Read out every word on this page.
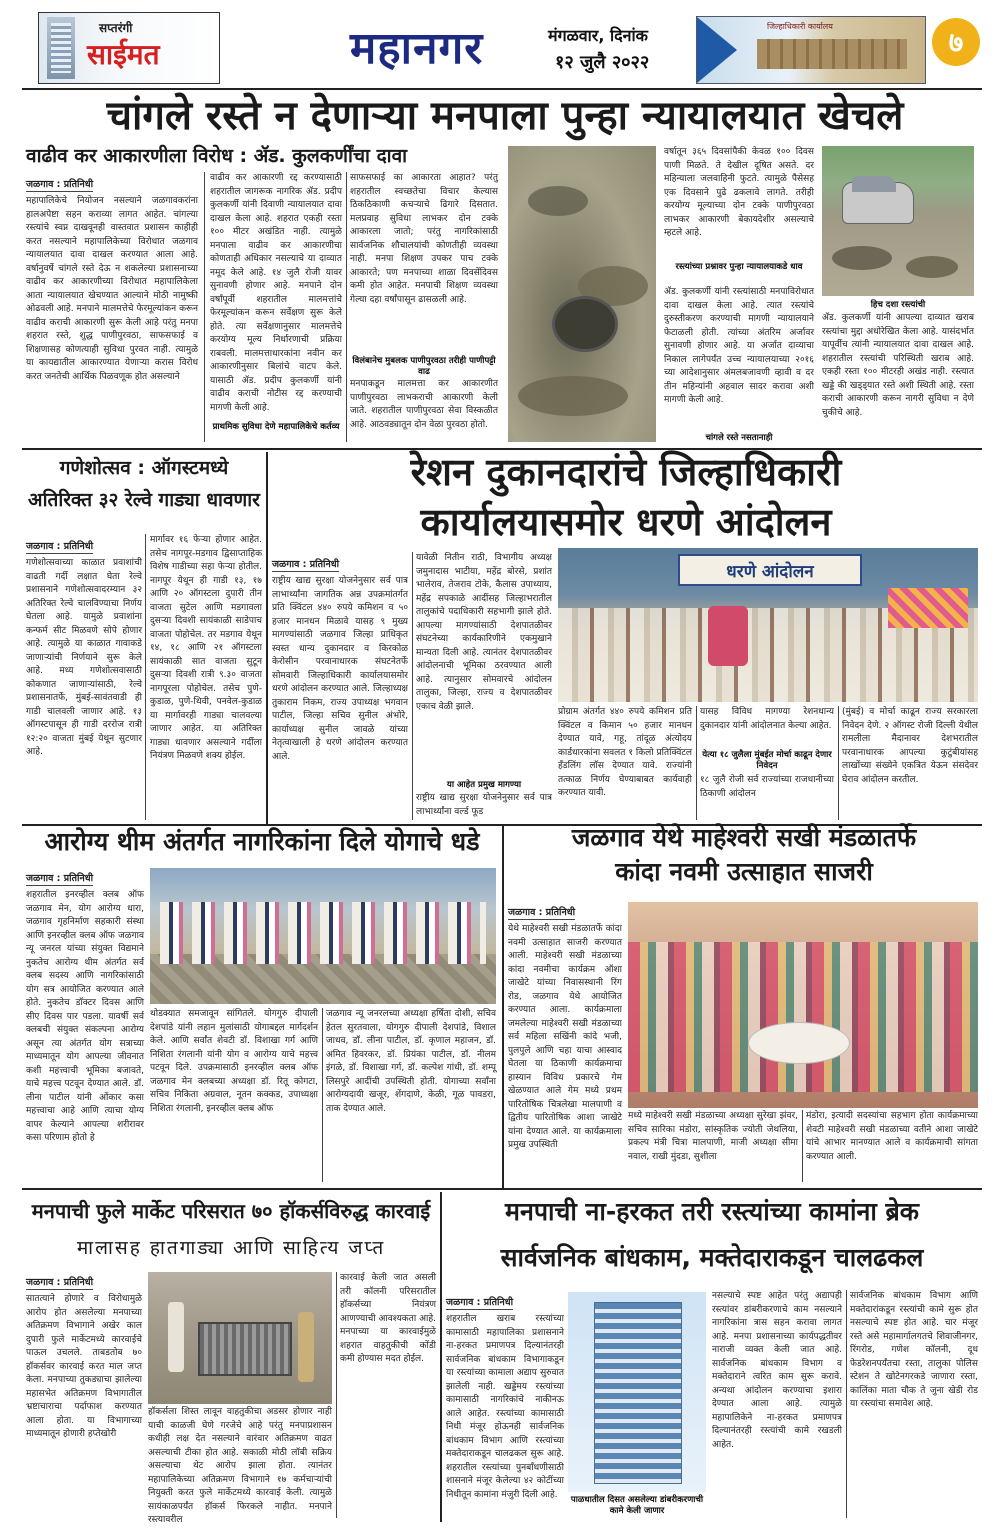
सप्तरंगी
साईमत	महानगर	मंगळवार, दिनांक
१२ जुलै २०२२
जिल्हाधिकारी कार्यालय	७
चांगले रस्ते न देणाऱ्या मनपाला पुन्हा न्यायालयात खेचले
वाढीव कर आकारणीला विरोध : ॲड. कुलकर्णींचा दावा
जळगाव : प्रतिनिधी
महापालिकेचे नियोजन नसल्याने जळगावकरांना हालअपेष्टा सहन कराव्या लागत आहेत. चांगल्या रस्त्यांचे स्वप्न दाखवूनही वास्तवात प्रशासन काहीही करत नसल्याने महापालिकेच्या विरोधात जळगाव न्यायालयात दावा दाखल करण्यात आला आहे. वर्षानुवर्षे चांगले रस्ते देऊ न शकलेल्या प्रशासनाच्या वाढीव कर आकारणीच्या विरोधात महापालिकेला आता न्यायालयात खेचण्यात आल्याने मोठी नामुष्की ओढवली आहे. मनपाने मालमत्तेचे फेरमूल्यांकन करून वाढीव कराची आकारणी सुरू केली आहे परंतु मनपा शहरात रस्ते, शुद्ध पाणीपुरवठा, साफसफाई व शिक्षणासह कोणत्याही सुविधा पुरवत नाही. त्यामुळे या कायद्यातील आकारण्यात येणाऱ्या करास विरोध करत जनतेची आर्थिक पिळवणूक होत असल्याने
वाढीव कर आकारणी रद्द करण्यासाठी शहरातील जागरूक नागरिक ॲड. प्रदीप कुलकर्णी यांनी दिवाणी न्यायालयात दावा दाखल केला आहे. शहरात एकही रस्ता १०० मीटर अखंडित नाही. त्यामुळे मनपाला वाढीव कर आकारणीचा कोणताही अधिकार नसल्याचे या दाव्यात नमूद केले आहे. १४ जुलै रोजी यावर सुनावणी होणार आहे. मनपाने दोन वर्षांपूर्वी शहरातील मालमत्तांचे फेरमूल्यांकन करून सर्वेक्षण सुरू केले होते. त्या सर्वेक्षणानुसार मालमत्तेचे करयोग्य मूल्य निर्धारणाची प्रक्रिया राबवली. मालमत्ताधारकांना नवीन कर आकारणीनुसार बिलांचे वाटप केले. यासाठी ॲड. प्रदीप कुलकर्णी यांनी वाढीव कराची नोटीस रद्द करण्याची मागणी केली आहे.
प्राथमिक सुविधा देणे महापालिकेचे कर्तव्य
साफसफाई का आकारता आहात? परंतु शहरातील स्वच्छतेचा विचार केल्यास ठिकठिकाणी कचऱ्याचे ढिगारे दिसतात. मलप्रवाह सुविधा लाभकर दोन टक्के आकारला जातो; परंतु नागरिकांसाठी सार्वजनिक शौचालयांची कोणतीही व्यवस्था नाही. मनपा शिक्षण उपकर पाच टक्के आकारते; पण मनपाच्या शाळा दिवसेंदिवस कमी होत आहेत. मनपाची शिक्षण व्यवस्था गेल्या दहा वर्षांपासून ढासळली आहे.
विलंबानेच मुबलक पाणीपुरवठा तरीही पाणीपट्टी वाढ
मनपाकडून मालमत्ता कर आकारणीत पाणीपुरवठा लाभकराची आकारणी केली जाते. शहरातील पाणीपुरवठा सेवा विस्कळीत आहे. आठवड्यातून दोन वेळा पुरवठा होतो.
वर्षातून ३६५ दिवसांपैकी केवळ १०० दिवस पाणी मिळते. ते देखील दूषित असते. दर महिन्याला जलवाहिनी फुटते. त्यामुळे पैसेसह एक दिवसाने पुढे ढकलावे लागते. तरीही करयोग्य मूल्याच्या दोन टक्के पाणीपुरवठा लाभकर आकारणी बेकायदेशीर असल्याचे म्हटले आहे.
रस्त्यांच्या प्रश्नावर पुन्हा न्यायालयाकडे धाव
ॲड. कुलकर्णी यांनी रस्त्यांसाठी मनपाविरोधात दावा दाखल केला आहे. त्यात रस्त्यांचे दुरुस्तीकरण करण्याची मागणी न्यायालयाने फेटाळली होती. त्यांच्या अंतरिम अर्जावर सुनावणी होणार आहे. या अर्जात दाव्याचा निकाल लागेपर्यंत उच्च न्यायालयाच्या २०१६ च्या आदेशानुसार अंमलबजावणी व्हावी व दर तीन महिन्यांनी अहवाल सादर करावा अशी मागणी केली आहे.
चांगले रस्ते नसतानाही
हिच दशा रस्त्यांची
ॲड. कुलकर्णी यांनी आपल्या दाव्यात खराब रस्त्यांचा मुद्दा अधोरेखित केला आहे. यासंदर्भात यापूर्वीच त्यांनी न्यायालयात दावा दाखल आहे. शहरातील रस्त्यांची परिस्थिती खराब आहे. एकही रस्ता १०० मीटरही अखंड नाही. रस्त्यात खड्डे की खड्ड्यात रस्ते अशी स्थिती आहे. रस्ता कराची आकारणी करून नागरी सुविधा न देणे चुकीचे आहे.
गणेशोत्सव : ऑगस्टमध्ये
अतिरिक्त ३२ रेल्वे गाड्या धावणार
जळगाव : प्रतिनिधी
गणेशोत्सवाच्या काळात प्रवाशांची वाढती गर्दी लक्षात घेता रेल्वे प्रशासनाने गणेशोत्सवादरम्यान ३२ अतिरिक्त रेल्वे चालविण्याचा निर्णय घेतला आहे. यामुळे प्रवाशांना कन्फर्म सीट मिळवणे सोपे होणार आहे. त्यामुळे या काळात गावाकडे जाणाऱ्यांची निर्णयाने सुरू केले आहे. मध्य गणेशोत्सवासाठी कोकणात जाणाऱ्यांसाठी, रेल्वे प्रशासनातर्फे, मुंबई-सावंतवाडी ही गाडी चालवली जाणार आहे. १३ ऑगस्टपासून ही गाडी दररोज रात्री १२:२० वाजता मुंबई येथून सुटणार आहे.
मार्गावर १६ फेऱ्या होणार आहेत. तसेच नागपूर-मडगाव द्विसाप्ताहिक विशेष गाडीच्या सहा फेऱ्या होतील. नागपूर येथून ही गाडी १३, १७ आणि २० ऑगस्टला दुपारी तीन वाजता सुटेल आणि मडगावला दुसऱ्या दिवशी सायंकाळी साडेपाच वाजता पोहोचेल. तर मडगाव येथून १४, १८ आणि २१ ऑगस्टला सायंकाळी सात वाजता सुटून दुसऱ्या दिवशी रात्री ९.३० वाजता नागपूरला पोहोचेल. तसेच पुणे-कुडाळ, पुणे-थिवी, पनवेल-कुडाळ या मार्गावरही गाड्या चालवल्या जाणार आहेत. या अतिरिक्त गाड्या धावणार असल्याने गर्दीला नियंत्रण मिळवणे शक्य होईल.
रेशन दुकानदारांचे जिल्हाधिकारी
कार्यालयासमोर धरणे आंदोलन
जळगाव : प्रतिनिधी
राष्ट्रीय खाद्य सुरक्षा योजनेनुसार सर्व पात्र लाभार्थ्यांना जागतिक अन्न उपक्रमांतर्गत प्रति क्विंटल ४४० रुपये कमिशन व ५० हजार मानधन मिळावे यासह ९ मुख्य मागण्यांसाठी जळगाव जिल्हा प्राधिकृत स्वस्त धान्य दुकानदार व किरकोळ केरोसीन परवानाधारक संघटनेतर्फे सोमवारी जिल्हाधिकारी कार्यालयासमोर धरणे आंदोलन करण्यात आले. जिल्हाध्यक्ष तुकाराम निकम, राज्य उपाध्यक्ष भगवान पाटील, जिल्हा सचिव सुनील अंभोरे, कार्याध्यक्ष सुनील जावळे यांच्या नेतृत्वाखाली हे धरणे आंदोलन करण्यात आले.
यावेळी नितीन राठी, विभागीय अध्यक्ष जमुनादास भाटीया, महेंद्र बोरसे, प्रशांत भालेराव, तेजराव टोके, कैलास उपाध्याय, महेंद्र सपकाळे आदींसह जिल्हाभरातील तालुकांचे पदाधिकारी सहभागी झाले होते. आपल्या मागण्यांसाठी देशपातळीवर संघटनेच्या कार्यकारिणीने एकमुखाने मान्यता दिली आहे. त्यानंतर देशपातळीवर आंदोलनाची भूमिका ठरवण्यात आली आहे. त्यानुसार सोमवारचे आंदोलन तालुका, जिल्हा, राज्य व देशपातळीवर एकाच वेळी झाले.
या आहेत प्रमुख मागण्या
राष्ट्रीय खाद्य सुरक्षा योजनेनुसार सर्व पात्र लाभार्थ्यांना वर्ल्ड फूड
धरणे आंदोलन
प्रोग्राम अंतर्गत ४४० रुपये कमिशन प्रति क्विंटल व किमान ५० हजार मानधन देण्यात यावे, गहू, तांदूळ अंत्योदय कार्डधारकांना सवलत १ किलो प्रतिक्विंटल हँडलिंग लॉस देण्यात यावे. राज्यांनी तत्काळ निर्णय घेण्याबाबत कार्यवाही करण्यात यावी.
यासह विविध मागण्या रेशनधान्य दुकानदार यांनी आंदोलनात केल्या आहेत.
येत्या १८ जुलैला मुंबईत मोर्चा काढून देणार निवेदन
१८ जुलै रोजी सर्व राज्यांच्या राजधानीच्या ठिकाणी आंदोलन
(मुंबई) व मोर्चा काढून राज्य सरकारला निवेदन देणे. २ ऑगस्ट रोजी दिल्ली येथील रामलीला मैदानावर देशभरातील परवानाधारक आपल्या कुटुंबीयांसह लाखोंच्या संख्येने एकत्रित येऊन संसदेवर घेराव आंदोलन करतील.
आरोग्य थीम अंतर्गत नागरिकांना दिले योगाचे धडे
जळगाव : प्रतिनिधी
शहरातील इनरव्हील क्लब ऑफ जळगाव मेन, योग आरोग्य धारा, जळगाव गृहनिर्माण सहकारी संस्था आणि इनरव्हील क्लब ऑफ जळगाव न्यू जनरल यांच्या संयुक्त विद्यमाने नुकतेच आरोग्य थीम अंतर्गत सर्व क्लब सदस्य आणि नागरिकांसाठी योग सत्र आयोजित करण्यात आले होते. नुकतेच डॉक्टर दिवस आणि सीए दिवस पार पडला. यावर्षी सर्व क्लबची संयुक्त संकल्पना आरोग्य असून त्या अंतर्गत योग सत्राच्या माध्यमातून योग आपल्या जीवनात कशी महत्त्वाची भूमिका बजावते, याचे महत्त्व पटवून देण्यात आले. डॉ. लीना पाटील यांनी ओंकार कसा महत्त्वाचा आहे आणि त्याचा योग्य वापर केल्याने आपल्या शरीरावर कसा परिणाम होतो हे
थोडक्यात समजावून सांगितले. योगगुरु दीपाली देशपांडे यांनी लहान मुलांसाठी योगाबद्दल मार्गदर्शन केले. आणि सर्वांत शेवटी डॉ. विशाखा गर्ग आणि निशिता रंगलानी यांनी योग व आरोग्य याचे महत्त्व पटवून दिले. उपक्रमासाठी इनरव्हील क्लब ऑफ जळगाव मेन क्लबच्या अध्यक्षा डॉ. रितू कोगटा, सचिव निकिता अग्रवाल, नूतन कक्कड, उपाध्यक्षा निशिता रंगलानी, इनरव्हील क्लब ऑफ
जळगाव न्यू जनरलच्या अध्यक्षा हर्षिता दोशी, सचिव हेतल सुरतवाला, योगगुरु दीपाली देशपांडे, विशाल जाधव, डॉ. लीना पाटील, डॉ. कृणाल महाजन, डॉ. अमित हिवरकर, डॉ. प्रियंका पाटील, डॉ. नीलम इंगळे, डॉ. विशाखा गर्ग, डॉ. कल्पेश गांधी, डॉ. शम्पू लिसपुरे आदींची उपस्थिती होती. योगाच्या सर्वांना आरोग्यदायी खजूर, शेंगदाणे, केळी, गूळ पावडरा, ताक देण्यात आले.
जळगाव येथे माहेश्वरी सखी मंडळातर्फे
कांदा नवमी उत्साहात साजरी
जळगाव : प्रतिनिधी
येथे माहेश्वरी सखी मंडळातर्फे कांदा नवमी उत्साहात साजरी करण्यात आली. माहेश्वरी सखी मंडळाच्या कांदा नवमीचा कार्यक्रम ऑशा जाखेटे यांच्या निवासस्थानी रिंग रोड, जळगाव येथे आयोजित करण्यात आला. कार्यक्रमाला जमलेल्या माहेश्वरी सखी मंडळाच्या सर्व महिला सखिंनी कांदे भजी, पुलपुले आणि चहा याचा आस्वाद घेतला या ठिकाणी कार्यक्रमाचा हास्यान विविध प्रकारचे गेम खेळण्यात आले गेम मध्ये प्रथम पारितोषिक चित्रलेखा मालपाणी व द्वितीय पारितोषिक आशा जाखेटे यांना देण्यात आले. या कार्यक्रमाला प्रमुख उपस्थिती
मध्ये माहेश्वरी सखी मंडळाच्या अध्यक्षा सुरेखा झंवर, सचिव सारिका मंडोरा, सांस्कृतिक ज्योती जेथलिया, प्रकल्प मंत्री चित्रा मालपाणी, माजी अध्यक्षा सीमा नवाल, राखी मुंदडा, सुशीला
मंडोरा, इत्यादी सदस्यांचा सहभाग होता कार्यक्रमाच्या शेवटी माहेश्वरी सखी मंडळाच्या वतीने आशा जाखेटे यांचे आभार मानण्यात आले व कार्यक्रमाची सांगता करण्यात आली.
मनपाची फुले मार्केट परिसरात ७० हॉकर्सविरुद्ध कारवाई
मालासह हातगाड्या आणि साहित्य जप्त
जळगाव : प्रतिनिधी
सातत्याने होणारे व विरोधामुळे आरोप होत असलेल्या मनपाच्या अतिक्रमण विभागाने अखेर काल दुपारी फुले मार्केटमध्ये कारवाईचे पाऊल उचलले. ताबडतोब ७० हॉकर्सवर कारवाई करत माल जप्त केला. मनपाच्या तुकड्याचा झालेल्या महासभेत अतिक्रमण विभागातील भ्रष्टाचाराचा पर्दाफाश करण्यात आला होता. या विभागाच्या माध्यमातून होणारी हप्तेखोरी
हॉकर्सला शिस्त लावून वाहतुकीचा अडसर होणार नाही याची काळजी घेणे गरजेचे आहे परंतु मनपाप्रशासन कधीही लक्ष देत नसल्याने वारंवार अतिक्रमण वाढत असल्याची टीका होत आहे. सकाळी मोठी लॉबी सक्रिय असल्याचा थेट आरोप झाला होता. त्यानंतर महापालिकेच्या अतिक्रमण विभागाने १७ कर्मचाऱ्यांची नियुक्ती करत फुले मार्केटमध्ये कारवाई केली. त्यामुळे सायंकाळपर्यंत हॉकर्स फिरकले नाहीत. मनपाने रस्त्यावरील
कारवाई केली जात असली तरी कॉलनी परिसरातील हॉकर्सच्या नियंत्रण आणण्याची आवश्यकता आहे. मनपाच्या या कारवाईमुळे शहरात वाहतुकीची कोंडी कमी होण्यास मदत होईल.
मनपाची ना-हरकत तरी रस्त्यांच्या कामांना ब्रेक
सार्वजनिक बांधकाम, मक्तेदाराकडून चालढकल
जळगाव : प्रतिनिधी
शहरातील खराब रस्त्यांच्या कामासाठी महापालिका प्रशासनाने ना-हरकत प्रमाणपत्र दिल्यानंतरही सार्वजनिक बांधकाम विभागाकडून या रस्त्यांच्या कामाला अद्याप सुरुवात झालेली नाही. खड्डेमय रस्त्यांच्या कामासाठी नागरिकांचे नाकीनऊ आले आहेत. रस्त्यांच्या कामासाठी निधी मंजूर होऊनही सार्वजनिक बांधकाम विभाग आणि रस्त्यांच्या मक्तेदाराकडून चालढकल सुरू आहे. शहरातील रस्त्यांच्या पुनर्बांधणीसाठी शासनाने मंजूर केलेल्या ४२ कोटींच्या निधीतून कामांना मंजुरी दिली आहे.
पाळधातील दिसत असलेल्या डांबरीकरणाची कामे केली जाणार
नसल्याचे स्पष्ट आहेत परंतु अद्यापही रस्त्यांवर डांबरीकरणाचे काम नसल्याने नागरिकांना त्रास सहन करावा लागत आहे. मनपा प्रशासनाच्या कार्यपद्धतीवर नाराजी व्यक्त केली जात आहे. सार्वजनिक बांधकाम विभाग व मक्तेदाराने त्वरित काम सुरू करावे. अन्यथा आंदोलन करण्याचा इशारा देण्यात आला आहे. त्यामुळे महापालिकेने ना-हरकत प्रमाणपत्र दिल्यानंतरही रस्त्यांची कामे रखडली आहेत.
सार्वजनिक बांधकाम विभाग आणि मक्तेदारांकडून रस्त्यांची कामे सुरू होत नसल्याचे स्पष्ट होत आहे. चार मंजूर रस्ते असे महामार्गालगतचे शिवाजीनगर, रिंगरोड, गणेश कॉलनी, दूध फेडरेशनपर्यंतचा रस्ता, तालुका पोलिस स्टेशन ते खोटेनगरकडे जाणारा रस्ता, कालिंका माता चौक ते जुना खेडी रोड या रस्त्यांचा समावेश आहे.
